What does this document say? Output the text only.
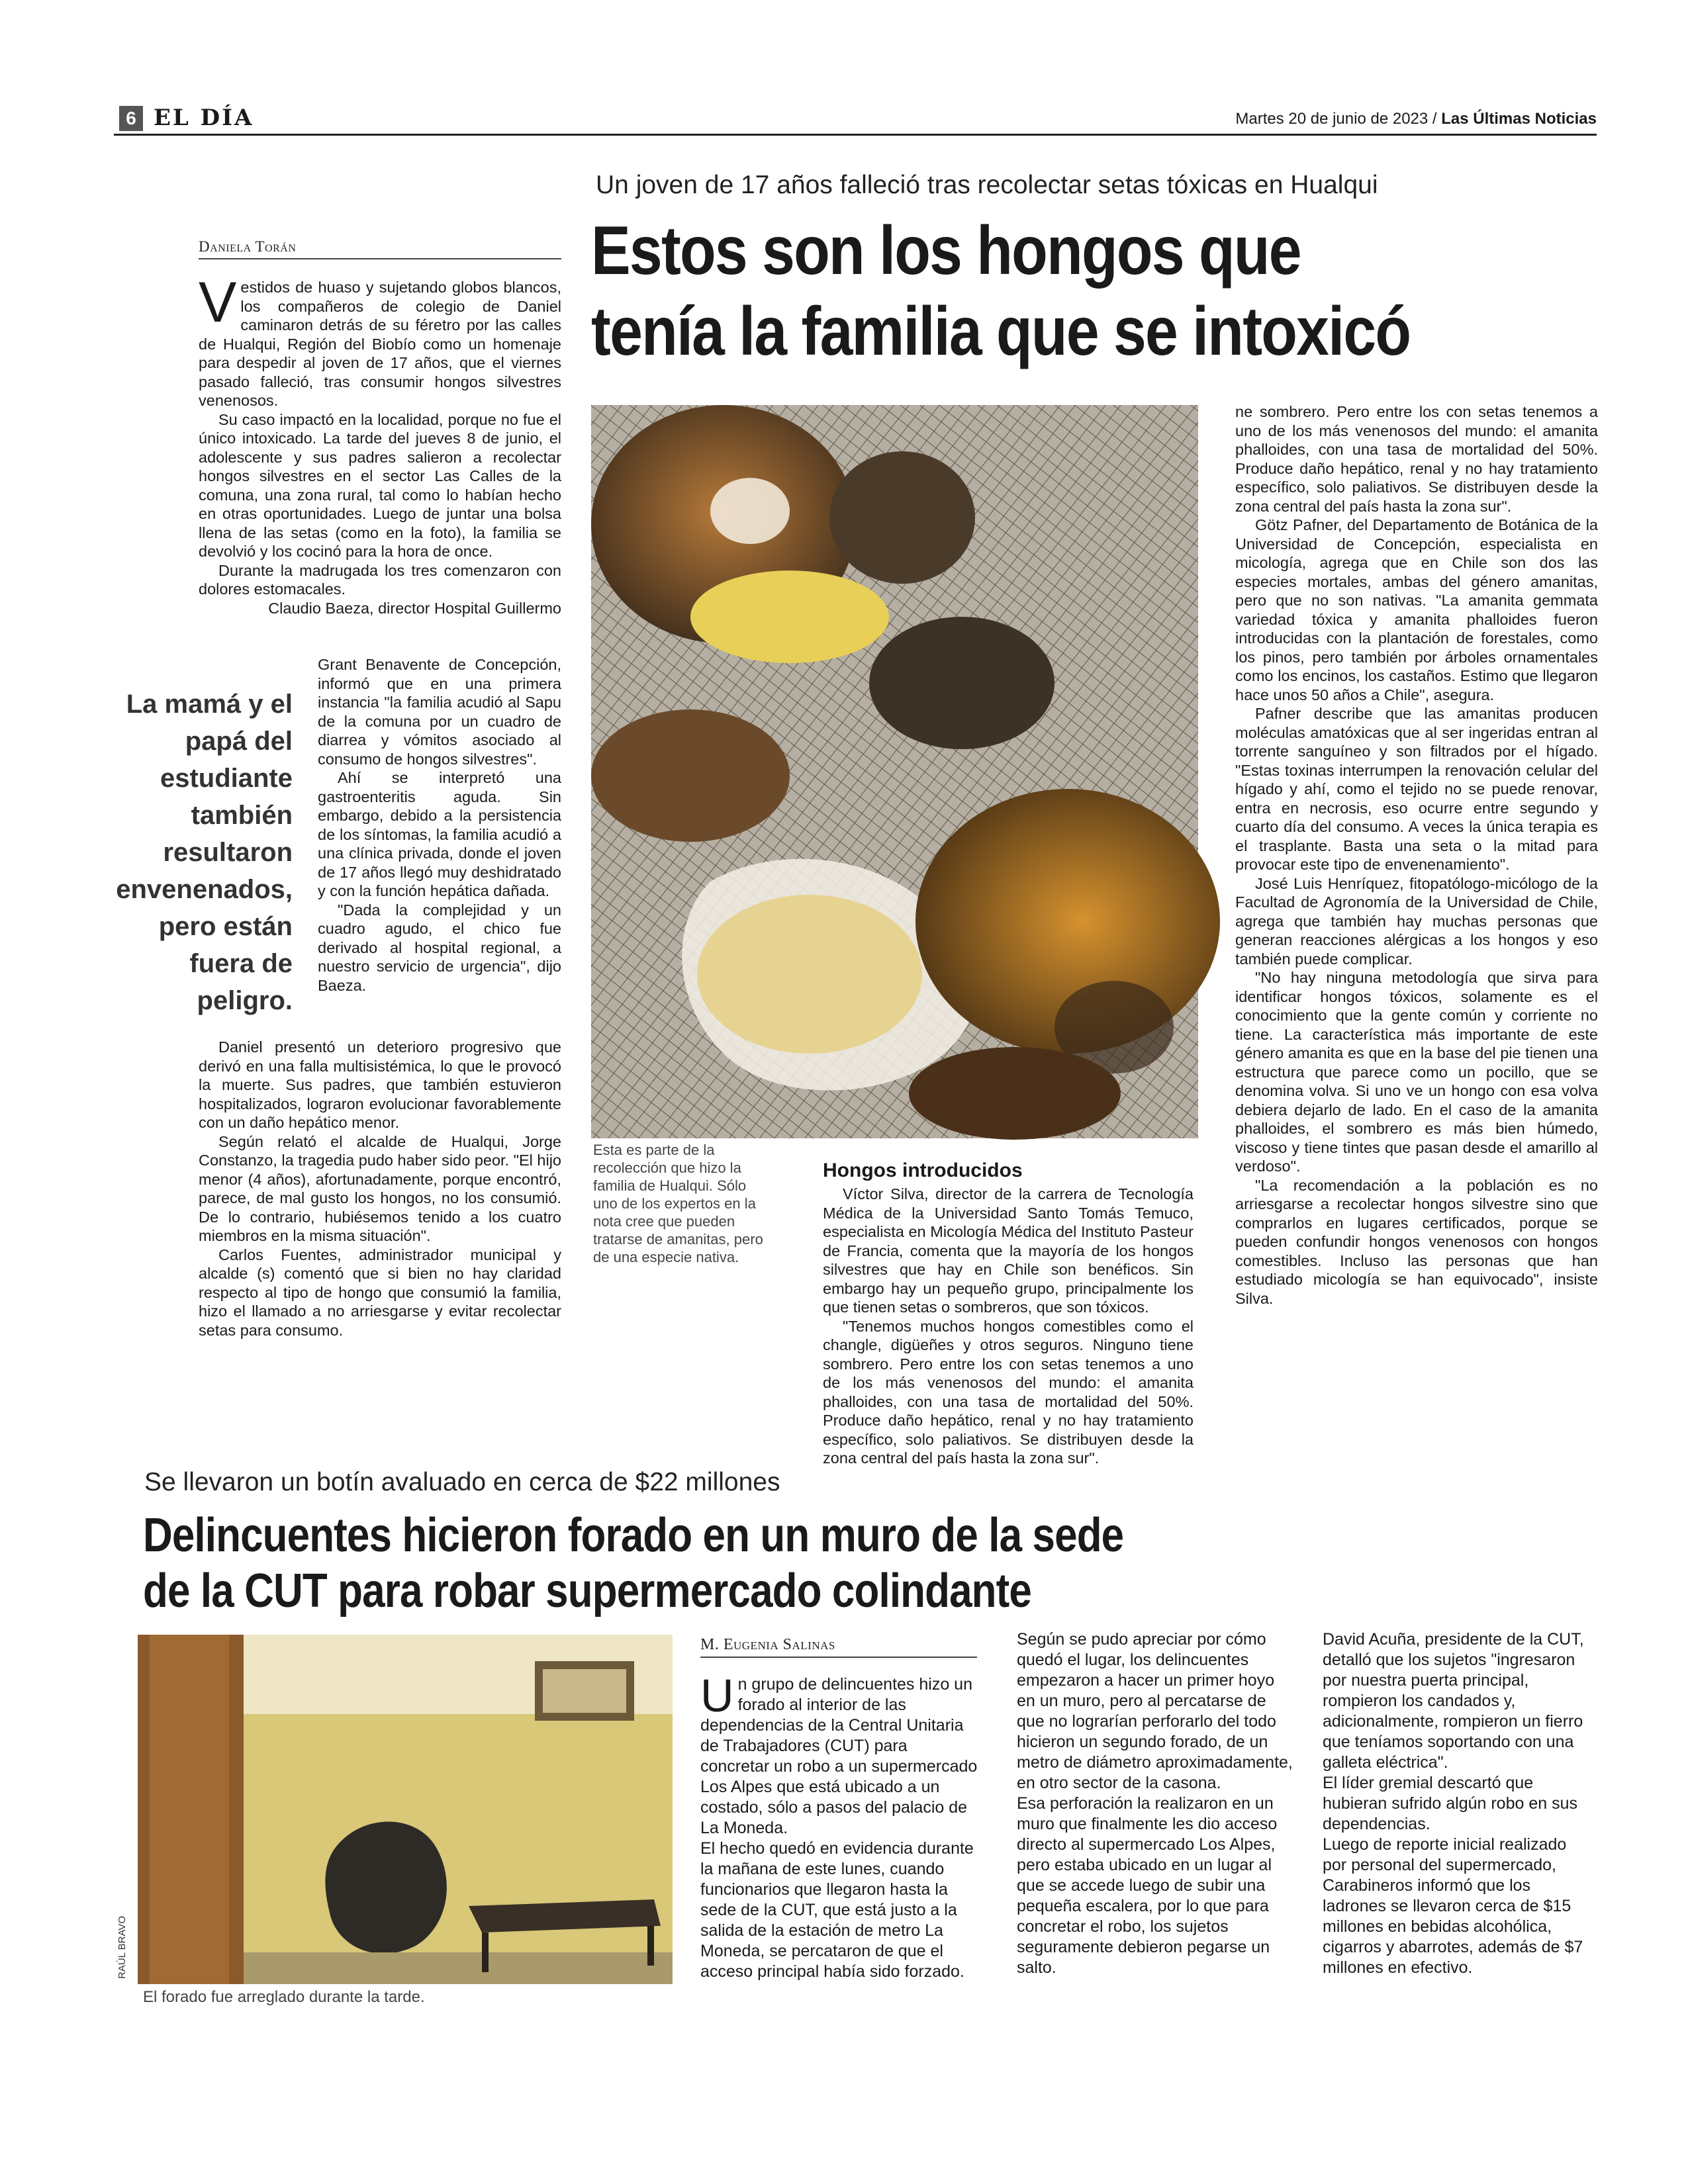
6 EL DÍA	Martes 20 de junio de 2023 / Las Últimas Noticias
Un joven de 17 años falleció tras recolectar setas tóxicas en Hualqui
Estos son los hongos que
tenía la familia que se intoxicó
Daniela Torán

Vestidos de huaso y sujetando globos blancos, los compañeros de colegio de Daniel caminaron detrás de su féretro por las calles de Hualqui, Región del Biobío como un homenaje para despedir al joven de 17 años, que el viernes pasado falleció, tras consumir hongos silvestres venenosos.

Su caso impactó en la localidad, porque no fue el único intoxicado. La tarde del jueves 8 de junio, el adolescente y sus padres salieron a recolectar hongos silvestres en el sector Las Calles de la comuna, una zona rural, tal como lo habían hecho en otras oportunidades. Luego de juntar una bolsa llena de las setas (como en la foto), la familia se devolvió y los cocinó para la hora de once.

Durante la madrugada los tres comenzaron con dolores estomacales.

Claudio Baeza, director Hospital Guillermo

La mamá y el papá del estudiante también resultaron envenenados, pero están fuera de peligro.

Grant Benavente de Concepción, informó que en una primera instancia "la familia acudió al Sapu de la comuna por un cuadro de diarrea y vómitos asociado al consumo de hongos silvestres".

Ahí se interpretó una gastroenteritis aguda. Sin embargo, debido a la persistencia de los síntomas, la familia acudió a una clínica privada, donde el joven de 17 años llegó muy deshidratado y con la función hepática dañada.

"Dada la complejidad y un cuadro agudo, el chico fue derivado al hospital regional, a nuestro servicio de urgencia", dijo Baeza.

Daniel presentó un deterioro progresivo que derivó en una falla multisistémica, lo que le provocó la muerte. Sus padres, que también estuvieron hospitalizados, lograron evolucionar favorablemente con un daño hepático menor.

Según relató el alcalde de Hualqui, Jorge Constanzo, la tragedia pudo haber sido peor. "El hijo menor (4 años), afortunadamente, porque encontró, parece, de mal gusto los hongos, no los consumió. De lo contrario, hubiésemos tenido a los cuatro miembros en la misma situación".

Carlos Fuentes, administrador municipal y alcalde (s) comentó que si bien no hay claridad respecto al tipo de hongo que consumió la familia, hizo el llamado a no arriesgarse y evitar recolectar setas para consumo.

Esta es parte de la recolección que hizo la familia de Hualqui. Sólo uno de los expertos en la nota cree que pueden tratarse de amanitas, pero de una especie nativa.
Hongos introducidos

Víctor Silva, director de la carrera de Tecnología Médica de la Universidad Santo Tomás Temuco, especialista en Micología Médica del Instituto Pasteur de Francia, comenta que la mayoría de los hongos silvestres que hay en Chile son benéficos. Sin embargo hay un pequeño grupo, principalmente los que tienen setas o sombreros, que son tóxicos.

"Tenemos muchos hongos comestibles como el changle, digüeñes y otros seguros. Ninguno tiene sombrero. Pero entre los con setas tenemos a uno de los más venenosos del mundo: el amanita phalloides, con una tasa de mortalidad del 50%. Produce daño hepático, renal y no hay tratamiento específico, solo paliativos. Se distribuyen desde la zona central del país hasta la zona sur".

ne sombrero. Pero entre los con setas tenemos a uno de los más venenosos del mundo: el amanita phalloides, con una tasa de mortalidad del 50%. Produce daño hepático, renal y no hay tratamiento específico, solo paliativos. Se distribuyen desde la zona central del país hasta la zona sur".

Götz Pafner, del Departamento de Botánica de la Universidad de Concepción, especialista en micología, agrega que en Chile son dos las especies mortales, ambas del género amanitas, pero que no son nativas. "La amanita gemmata variedad tóxica y amanita phalloides fueron introducidas con la plantación de forestales, como los pinos, pero también por árboles ornamentales como los encinos, los castaños. Estimo que llegaron hace unos 50 años a Chile", asegura.

Pafner describe que las amanitas producen moléculas amatóxicas que al ser ingeridas entran al torrente sanguíneo y son filtrados por el hígado. "Estas toxinas interrumpen la renovación celular del hígado y ahí, como el tejido no se puede renovar, entra en necrosis, eso ocurre entre segundo y cuarto día del consumo. A veces la única terapia es el trasplante. Basta una seta o la mitad para provocar este tipo de envenenamiento".

José Luis Henríquez, fitopatólogo-micólogo de la Facultad de Agronomía de la Universidad de Chile, agrega que también hay muchas personas que generan reacciones alérgicas a los hongos y eso también puede complicar.

"No hay ninguna metodología que sirva para identificar hongos tóxicos, solamente es el conocimiento que la gente común y corriente no tiene. La característica más importante de este género amanita es que en la base del pie tienen una estructura que parece como un pocillo, que se denomina volva. Si uno ve un hongo con esa volva debiera dejarlo de lado. En el caso de la amanita phalloides, el sombrero es más bien húmedo, viscoso y tiene tintes que pasan desde el amarillo al verdoso".

"La recomendación a la población es no arriesgarse a recolectar hongos silvestre sino que comprarlos en lugares certificados, porque se pueden confundir hongos venenosos con hongos comestibles. Incluso las personas que han estudiado micología se han equivocado", insiste Silva.

Se llevaron un botín avaluado en cerca de $22 millones
Delincuentes hicieron forado en un muro de la sede
de la CUT para robar supermercado colindante
RAÚL BRAVO
El forado fue arreglado durante la tarde.
M. Eugenia Salinas

Un grupo de delincuentes hizo un forado al interior de las dependencias de la Central Unitaria de Trabajadores (CUT) para concretar un robo a un supermercado Los Alpes que está ubicado a un costado, sólo a pasos del palacio de La Moneda.

El hecho quedó en evidencia durante la mañana de este lunes, cuando funcionarios que llegaron hasta la sede de la CUT, que está justo a la salida de la estación de metro La Moneda, se percataron de que el acceso principal había sido forzado.

Según se pudo apreciar por cómo quedó el lugar, los delincuentes empezaron a hacer un primer hoyo en un muro, pero al percatarse de que no lograrían perforarlo del todo hicieron un segundo forado, de un metro de diámetro aproximadamente, en otro sector de la casona.

Esa perforación la realizaron en un muro que finalmente les dio acceso directo al supermercado Los Alpes, pero estaba ubicado en un lugar al que se accede luego de subir una pequeña escalera, por lo que para concretar el robo, los sujetos seguramente debieron pegarse un salto.

David Acuña, presidente de la CUT, detalló que los sujetos "ingresaron por nuestra puerta principal, rompieron los candados y, adicionalmente, rompieron un fierro que teníamos soportando con una galleta eléctrica".

El líder gremial descartó que hubieran sufrido algún robo en sus dependencias.

Luego de reporte inicial realizado por personal del supermercado, Carabineros informó que los ladrones se llevaron cerca de $15 millones en bebidas alcohólica, cigarros y abarrotes, además de $7 millones en efectivo.
